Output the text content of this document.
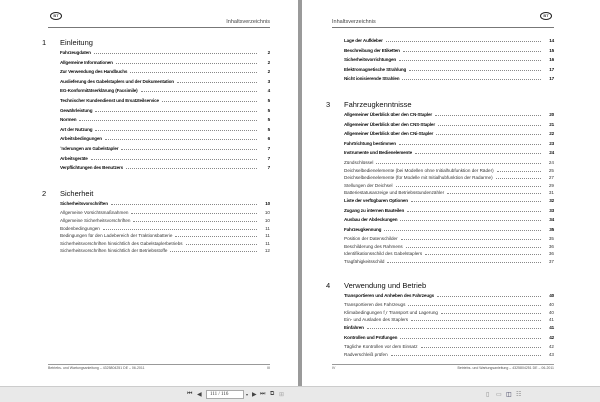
BT
Inhaltsverzeichnis
1	Einleitung
Fahrzeugdaten	2
Allgemeine Informationen	2
Zur Verwendung des Handbuchs	2
Auslieferung des Gabelstaplers und der Dokumentation	3
EG-Konformitätserklärung (Facsimile)	4
Technischer Kundendienst und Ersatzteilservice	5
Gewährleistung	5
Normen	5
Art der Nutzung	5
Arbeitsbedingungen	6
ˆnderungen am Gabelstapler	7
Arbeitsgeräte	7
Verpflichtungen des Benutzers	7
2	Sicherheit
Sicherheitsvorschriften	10
Allgemeine Vorsichtsmaßnahmen	10
Allgemeine Sicherheitsvorschriften	10
Bodenbedingungen	11
Bedingungen für den Ladebereich der Traktionsbatterie	11
Sicherheitsvorschriften hinsichtlich des Gabelstaplerbetriebs	11
Sicherheitsvorschriften hinsichtlich der Betriebsstoffe	12
Betriebs- und Wartungsanleitung – 4325804251 DE – 06-2011	III
Inhaltsverzeichnis
BT
Lage der Aufkleber	14
Beschreibung der Etiketten	15
Sicherheitsvorrichtungen	16
Elektromagnetische Strahlung	17
Nicht ionisierende Strahlen	17
3	Fahrzeugkenntnisse
Allgemeiner Überblick über den CN-Stapler	20
Allgemeiner Überblick über den CNS-Stapler	21
Allgemeiner Überblick über den CNi-Stapler	22
Fahrtrichtung bestimmen	23
Instrumente und Bedienelemente	24
Zündschlüssel	24
Deichselbedienelemente (bei Modellen ohne Initialhubfunktion der Räder)	25
Deichselbedienelemente (für Modelle mit Initialhubfunktion der Radarme)	27
Stellungen der Deichsel	29
Batteriestatusanzeige und Betriebsstundenzähler	31
Liste der verfügbaren Optionen	32
Zugang zu internen Bauteilen	33
Ausbau der Abdeckungen	34
Fahrzeugkennung	35
Position der Datenschilder	35
Beschilderung des Rahmens	36
Identifikationsschild des Gabelstaplers	36
Tragfähigkeitsschild	37
4	Verwendung und Betrieb
Transportieren und Anheben des Fahrzeugs	40
Transportieren des Fahrzeugs	40
Klimabedingungen f¸r Transport und Lagerung	40
Ein- und Ausladen des Staplers	41
Einfahren	41
Kontrollen und Prüfungen	42
Tägliche Kontrollen vor dem Einsatz	42
Radverschleiß prüfen	43
IV	Betriebs- und Wartungsanleitung – 4325804251 DE – 06-2011
⏮ ◀	111 / 116	▾ ▶ ⏭ ⧉ ⊞	▯ ▭ ◫ ☷
